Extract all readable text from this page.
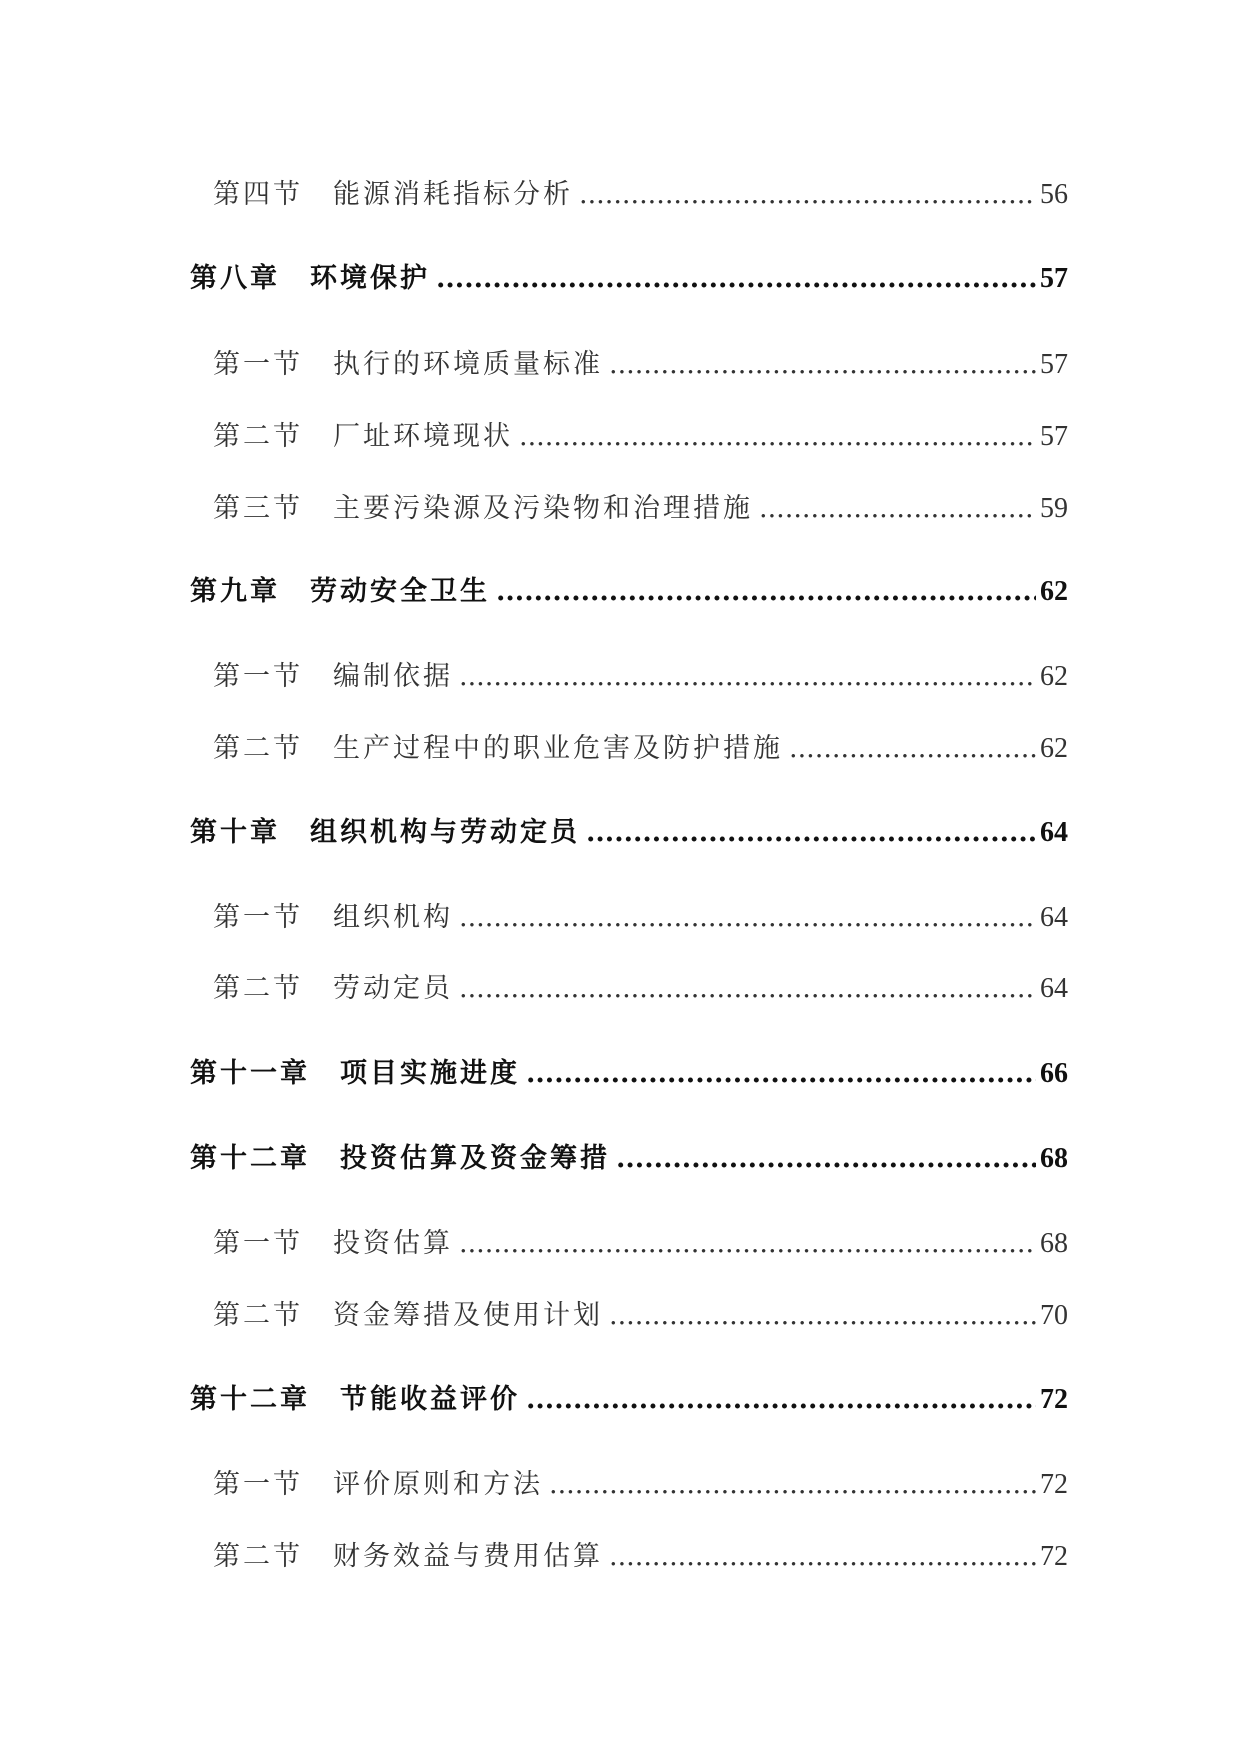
第四节 能源消耗指标分析 .....	56
第八章 环境保护 .....	57
第一节 执行的环境质量标准 .....	57
第二节 厂址环境现状 .....	57
第三节 主要污染源及污染物和治理措施 .....	59
第九章 劳动安全卫生 .....	62
第一节 编制依据 .....	62
第二节 生产过程中的职业危害及防护措施 .....	62
第十章 组织机构与劳动定员 .....	64
第一节 组织机构 .....	64
第二节 劳动定员 .....	64
第十一章 项目实施进度 .....	66
第十二章 投资估算及资金筹措 .....	68
第一节 投资估算 .....	68
第二节 资金筹措及使用计划 .....	70
第十二章 节能收益评价 .....	72
第一节 评价原则和方法 .....	72
第二节 财务效益与费用估算 .....	72
